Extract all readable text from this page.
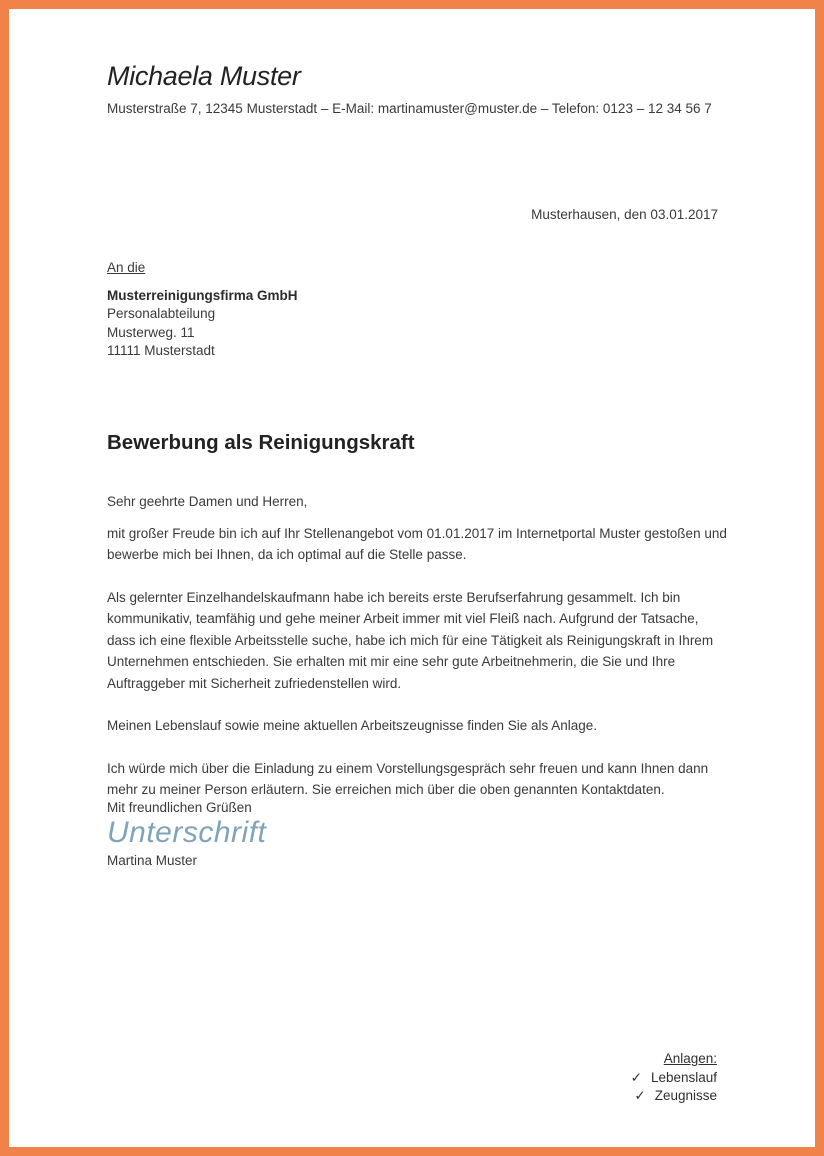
Michaela Muster
Musterstraße 7, 12345 Musterstadt – E-Mail: martinamuster@muster.de – Telefon: 0123 – 12 34 56 7
Musterhausen, den 03.01.2017
An die
Musterreinigungsfirma GmbH
Personalabteilung
Musterweg. 11
11111 Musterstadt
Bewerbung als Reinigungskraft

Sehr geehrte Damen und Herren,

mit großer Freude bin ich auf Ihr Stellenangebot vom 01.01.2017 im Internetportal Muster gestoßen und bewerbe mich bei Ihnen, da ich optimal auf die Stelle passe.

Als gelernter Einzelhandelskaufmann habe ich bereits erste Berufserfahrung gesammelt. Ich bin kommunikativ, teamfähig und gehe meiner Arbeit immer mit viel Fleiß nach. Aufgrund der Tatsache, dass ich eine flexible Arbeitsstelle suche, habe ich mich für eine Tätigkeit als Reinigungskraft in Ihrem Unternehmen entschieden. Sie erhalten mit mir eine sehr gute Arbeitnehmerin, die Sie und Ihre Auftraggeber mit Sicherheit zufriedenstellen wird.

Meinen Lebenslauf sowie meine aktuellen Arbeitszeugnisse finden Sie als Anlage.

Ich würde mich über die Einladung zu einem Vorstellungsgespräch sehr freuen und kann Ihnen dann mehr zu meiner Person erläutern. Sie erreichen mich über die oben genannten Kontaktdaten.

Mit freundlichen Grüßen
Unterschrift
Martina Muster
Anlagen:
✓ Lebenslauf
✓ Zeugnisse
